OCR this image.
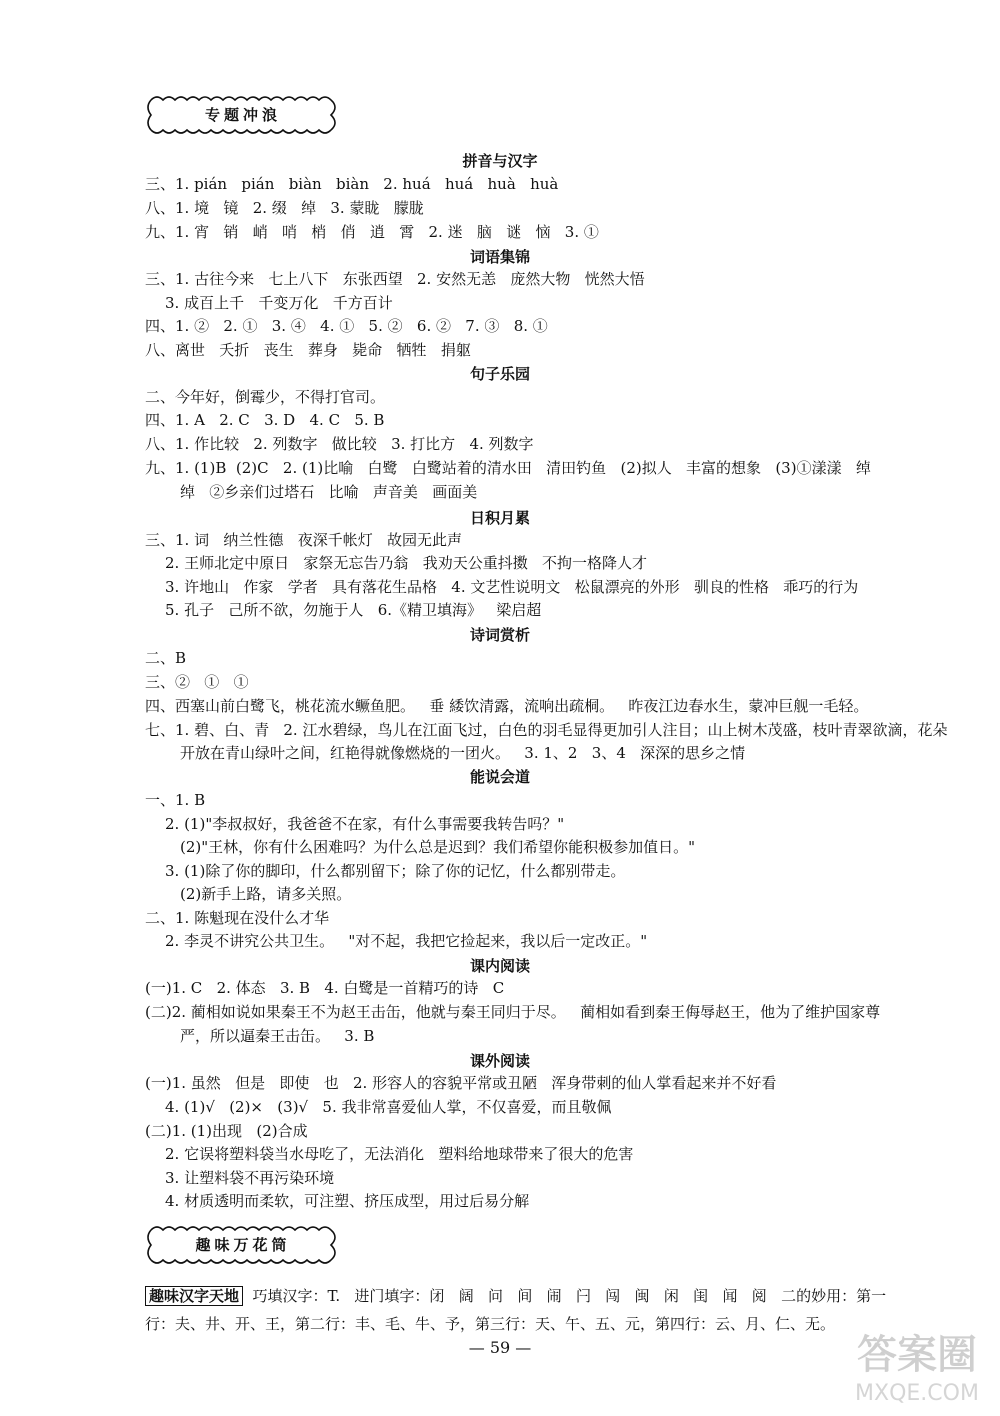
专题冲浪
拼音与汉字
三、1. pián   pián   biàn   biàn   2. huá   huá   huà   huà
八、1. 境   镜   2. 缀   绰   3. 蒙眬   朦胧
九、1. 宵   销   峭   哨   梢   俏   逍   霄   2. 迷   脑   谜   恼   3. ①
词语集锦
三、1. 古往今来   七上八下   东张西望   2. 安然无恙   庞然大物   恍然大悟
3. 成百上千   千变万化   千方百计
四、1. ②   2. ①   3. ④   4. ①   5. ②   6. ②   7. ③   8. ①
八、离世   夭折   丧生   葬身   毙命   牺牲   捐躯
句子乐园
二、今年好，倒霉少，不得打官司。
四、1. A   2. C   3. D   4. C   5. B
八、1. 作比较   2. 列数字   做比较   3. 打比方   4. 列数字
九、1. (1)B  (2)C   2. (1)比喻   白鹭   白鹭站着的清水田   清田钓鱼   (2)拟人   丰富的想象   (3)①漾漾   绰
绰   ②乡亲们过塔石   比喻   声音美   画面美
日积月累
三、1. 词   纳兰性德   夜深千帐灯   故园无此声
2. 王师北定中原日   家祭无忘告乃翁   我劝天公重抖擞   不拘一格降人才
3. 许地山   作家   学者   具有落花生品格   4. 文艺性说明文   松鼠漂亮的外形   驯良的性格   乖巧的行为
5. 孔子   己所不欲，勿施于人   6.《精卫填海》   梁启超
诗词赏析
二、B
三、②   ①   ①
四、西塞山前白鹭飞，桃花流水鳜鱼肥。   垂 緌饮清露，流响出疏桐。   昨夜江边春水生，蒙冲巨舰一毛轻。
七、1. 碧、白、青   2. 江水碧绿，鸟儿在江面飞过，白色的羽毛显得更加引人注目；山上树木茂盛，枝叶青翠欲滴，花朵
开放在青山绿叶之间，红艳得就像燃烧的一团火。   3. 1、2   3、4   深深的思乡之情
能说会道
一、1. B
2. (1)"李叔叔好，我爸爸不在家，有什么事需要我转告吗？"
(2)"王林，你有什么困难吗？为什么总是迟到？我们希望你能积极参加值日。"
3. (1)除了你的脚印，什么都别留下；除了你的记忆，什么都别带走。
(2)新手上路，请多关照。
二、1. 陈魁现在没什么才华
2. 李灵不讲究公共卫生。   "对不起，我把它捡起来，我以后一定改正。"
课内阅读
(一)1. C   2. 体态   3. B   4. 白鹭是一首精巧的诗   C
(二)2. 蔺相如说如果秦王不为赵王击缶，他就与秦王同归于尽。   蔺相如看到秦王侮辱赵王，他为了维护国家尊
严，所以逼秦王击缶。   3. B
课外阅读
(一)1. 虽然   但是   即使   也   2. 形容人的容貌平常或丑陋   浑身带刺的仙人掌看起来并不好看
4. (1)√   (2)×   (3)√   5. 我非常喜爱仙人掌，不仅喜爱，而且敬佩
(二)1. (1)出现   (2)合成
2. 它误将塑料袋当水母吃了，无法消化   塑料给地球带来了很大的危害
3. 让塑料袋不再污染环境
4. 材质透明而柔软，可注塑、挤压成型，用过后易分解
趣味万花筒
趣味汉字天地  巧填汉字：T.   进门填字：闭   阔   问   间   闹   闩   闯   闽   闲   闺   闻   阅   二的妙用：第一
行：夫、井、开、王，第二行：丰、毛、牛、予，第三行：天、午、五、元，第四行：云、月、仁、无。
— 59 —	答案圈
MXQE.COM
